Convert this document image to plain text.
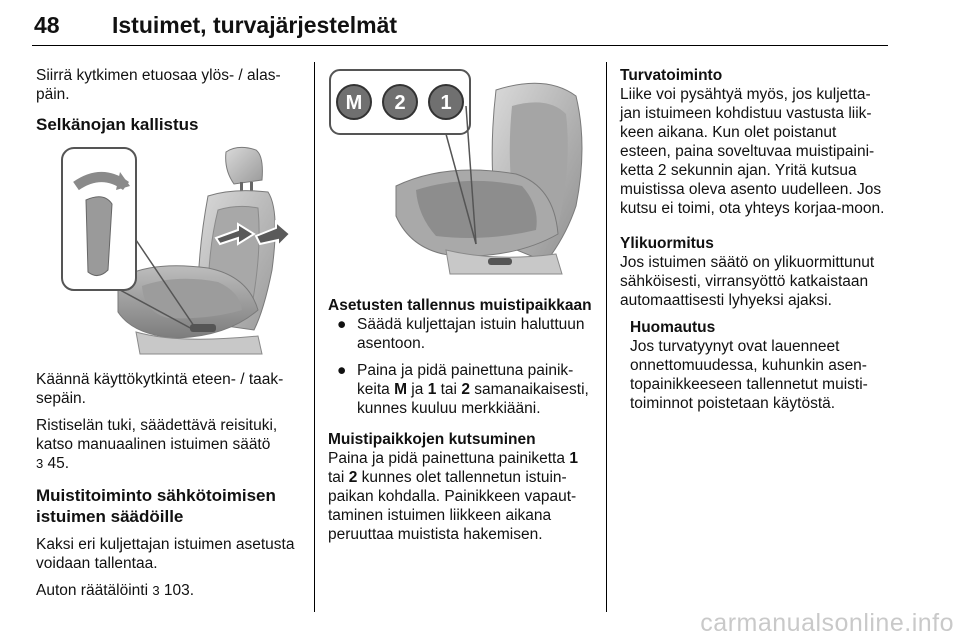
48 Istuimet, turvajärjestelmät

Siirrä kytkimen etuosaa ylös- / alas-päin.

Selkänojan kallistus

Käännä käyttökytkintä eteen- / taak-sepäin.

Ristiselän tuki, säädettävä reisituki, katso manuaalinen istuimen säätö
3 45.

Muistitoiminto sähkötoimisen istuimen säädöille

Kaksi eri kuljettajan istuimen asetusta voidaan tallentaa.

Auton räätälöinti 3 103.

M 2 1
Asetusten tallennus muistipaikkaan
● Säädä kuljettajan istuin haluttuun asentoon.
● Paina ja pidä painettuna painik-keita M ja 1 tai 2 samanaikaisesti, kunnes kuuluu merkkiääni.
Muistipaikkojen kutsuminen

Paina ja pidä painettuna painiketta 1 tai 2 kunnes olet tallennetun istuin-paikan kohdalla. Painikkeen vapaut-taminen istuimen liikkeen aikana peruuttaa muistista hakemisen.

Turvatoiminto

Liike voi pysähtyä myös, jos kuljetta-jan istuimeen kohdistuu vastusta liik-keen aikana. Kun olet poistanut esteen, paina soveltuvaa muistipaini-ketta 2 sekunnin ajan. Yritä kutsua muistissa oleva asento uudelleen. Jos kutsu ei toimi, ota yhteys korjaa-moon.

Ylikuormitus

Jos istuimen säätö on ylikuormittunut sähköisesti, virransyöttö katkaistaan automaattisesti lyhyeksi ajaksi.

Huomautus

Jos turvatyynyt ovat lauenneet onnettomuudessa, kuhunkin asen-topainikkeeseen tallennetut muisti-toiminnot poistetaan käytöstä.

carmanualsonline.info
